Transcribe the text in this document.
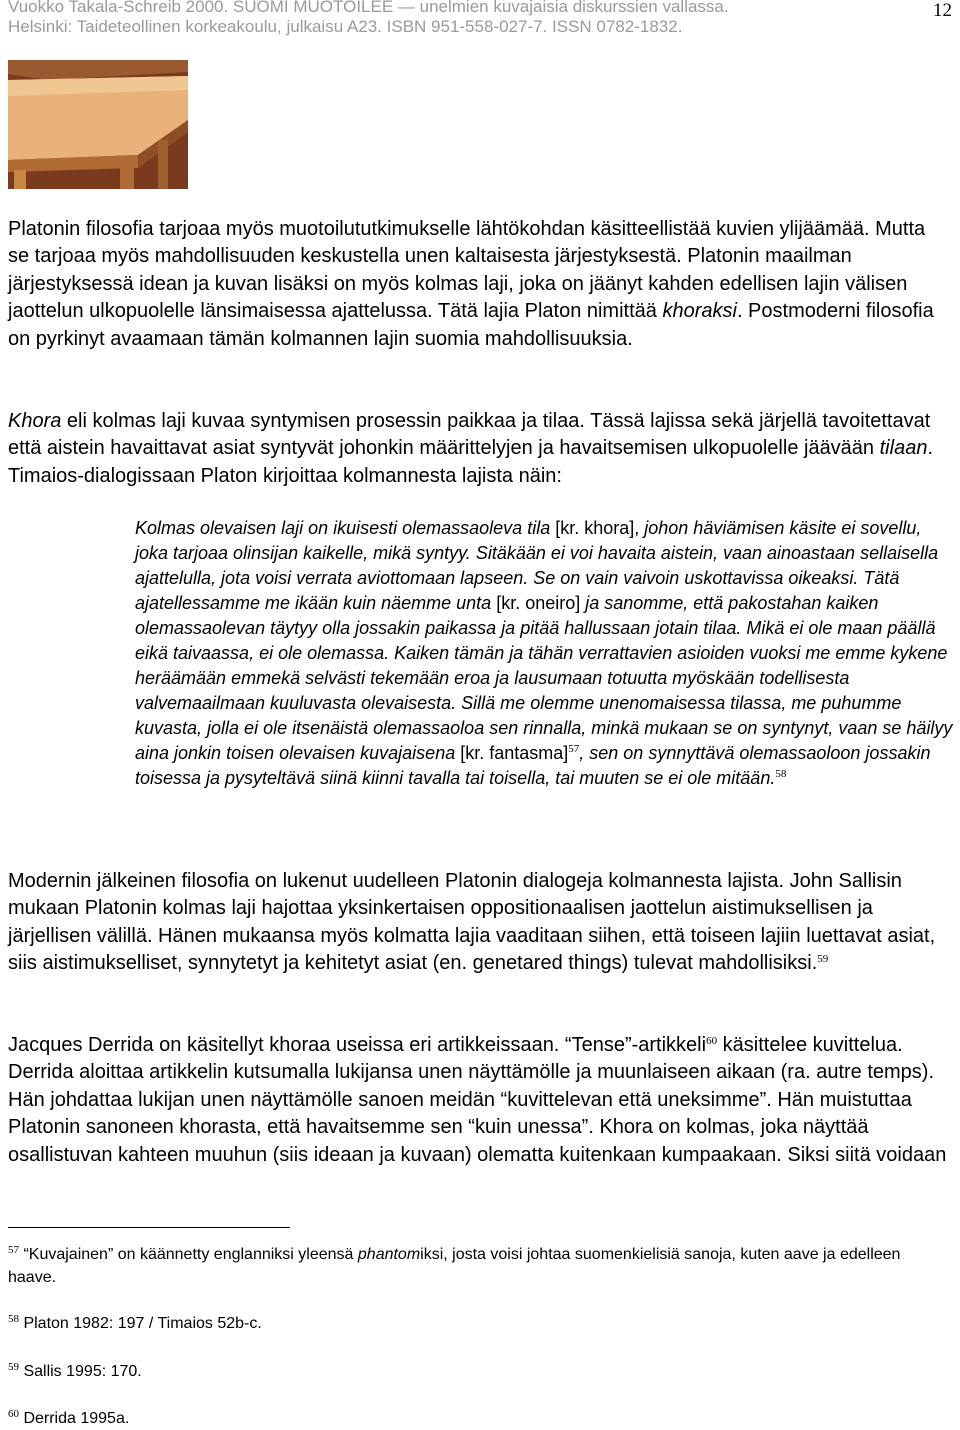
Vuokko Takala-Schreib 2000. SUOMI MUOTOILEE — unelmien kuvajaisia diskurssien vallassa.
Helsinki: Taideteollinen korkeakoulu, julkaisu A23. ISBN 951-558-027-7. ISSN 0782-1832.
12
Platonin filosofia tarjoaa myös muotoilututkimukselle lähtökohdan käsitteellistää kuvien ylijäämää. Mutta se tarjoaa myös mahdollisuuden keskustella unen kaltaisesta järjestyksestä. Platonin maailman järjestyksessä idean ja kuvan lisäksi on myös kolmas laji, joka on jäänyt kahden edellisen lajin välisen jaottelun ulkopuolelle länsimaisessa ajattelussa. Tätä lajia Platon nimittää khoraksi. Postmoderni filosofia on pyrkinyt avaamaan tämän kolmannen lajin suomia mahdollisuuksia.
Khora eli kolmas laji kuvaa syntymisen prosessin paikkaa ja tilaa. Tässä lajissa sekä järjellä tavoitettavat että aistein havaittavat asiat syntyvät johonkin määrittelyjen ja havaitsemisen ulkopuolelle jäävään tilaan. Timaios-dialogissaan Platon kirjoittaa kolmannesta lajista näin:
Kolmas olevaisen laji on ikuisesti olemassaoleva tila [kr. khora], johon häviämisen käsite ei sovellu, joka tarjoaa olinsijan kaikelle, mikä syntyy. Sitäkään ei voi havaita aistein, vaan ainoastaan sellaisella ajattelulla, jota voisi verrata aviottomaan lapseen. Se on vain vaivoin uskottavissa oikeaksi. Tätä ajatellessamme me ikään kuin näemme unta [kr. oneiro] ja sanomme, että pakostahan kaiken olemassaolevan täytyy olla jossakin paikassa ja pitää hallussaan jotain tilaa. Mikä ei ole maan päällä eikä taivaassa, ei ole olemassa. Kaiken tämän ja tähän verrattavien asioiden vuoksi me emme kykene heräämään emmekä selvästi tekemään eroa ja lausumaan totuutta myöskään todellisesta valvemaailmaan kuuluvasta olevaisesta. Sillä me olemme unenomaisessa tilassa, me puhumme kuvasta, jolla ei ole itsenäistä olemassaoloa sen rinnalla, minkä mukaan se on syntynyt, vaan se häilyy aina jonkin toisen olevaisen kuvajaisena [kr. fantasma]$^{57}$, sen on synnyttävä olemassaoloon jossakin toisessa ja pysyteltävä siinä kiinni tavalla tai toisella, tai muuten se ei ole mitään.$^{58}$
Modernin jälkeinen filosofia on lukenut uudelleen Platonin dialogeja kolmannesta lajista. John Sallisin mukaan Platonin kolmas laji hajottaa yksinkertaisen oppositionaalisen jaottelun aistimuksellisen ja järjellisen välillä. Hänen mukaansa myös kolmatta lajia vaaditaan siihen, että toiseen lajiin luettavat asiat, siis aistimukselliset, synnytetyt ja kehitetyt asiat (en. genetared things) tulevat mahdollisiksi.$^{59}$
Jacques Derrida on käsitellyt khoraa useissa eri artikkeissaan. “Tense”-artikkeli$^{60}$ käsittelee kuvittelua. Derrida aloittaa artikkelin kutsumalla lukijansa unen näyttämölle ja muunlaiseen aikaan (ra. autre temps). Hän johdattaa lukijan unen näyttämölle sanoen meidän “kuvittelevan että uneksimme”. Hän muistuttaa Platonin sanoneen khorasta, että havaitsemme sen “kuin unessa”. Khora on kolmas, joka näyttää osallistuvan kahteen muuhun (siis ideaan ja kuvaan) olematta kuitenkaan kumpaakaan. Siksi siitä voidaan
$^{57}$ “Kuvajainen” on käännetty englanniksi yleensä phantomiksi, josta voisi johtaa suomenkielisiä sanoja, kuten aave ja edelleen haave.
$^{58}$ Platon 1982: 197 / Timaios 52b-c.
$^{59}$ Sallis 1995: 170.
$^{60}$ Derrida 1995a.
